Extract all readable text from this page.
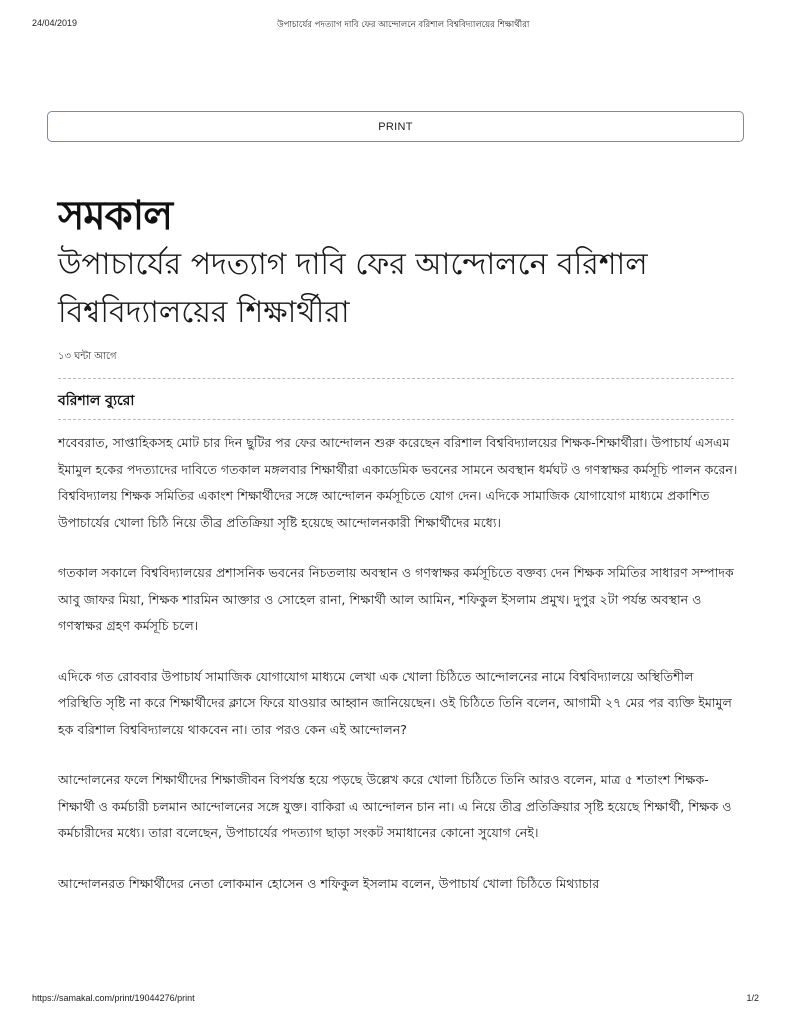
24/04/2019	উপাচার্যের পদত্যাগ দাবি ফের আন্দোলনে বরিশাল বিশ্ববিদ্যালয়ের শিক্ষার্থীরা
PRINT
সমকাল
উপাচার্যের পদত্যাগ দাবি ফের আন্দোলনে বরিশাল
বিশ্ববিদ্যালয়ের শিক্ষার্থীরা
১৩ ঘন্টা আগে
বরিশাল ব্যুরো

শবেবরাত, সাপ্তাহিকসহ মোট চার দিন ছুটির পর ফের আন্দোলন শুরু করেছেন বরিশাল বিশ্ববিদ্যালয়ের শিক্ষক-শিক্ষার্থীরা। উপাচার্য এসএম ইমামুল হকের পদত্যাদের দাবিতে গতকাল মঙ্গলবার শিক্ষার্থীরা একাডেমিক ভবনের সামনে অবস্থান ধর্মঘট ও গণস্বাক্ষর কর্মসূচি পালন করেন। বিশ্ববিদ্যালয় শিক্ষক সমিতির একাংশ শিক্ষার্থীদের সঙ্গে আন্দোলন কর্মসূচিতে যোগ দেন। এদিকে সামাজিক যোগাযোগ মাধ্যমে প্রকাশিত উপাচার্যের খোলা চিঠি নিয়ে তীব্র প্রতিক্রিয়া সৃষ্টি হয়েছে আন্দোলনকারী শিক্ষার্থীদের মধ্যে।

গতকাল সকালে বিশ্ববিদ্যালয়ের প্রশাসনিক ভবনের নিচতলায় অবস্থান ও গণস্বাক্ষর কর্মসূচিতে বক্তব্য দেন শিক্ষক সমিতির সাধারণ সম্পাদক আবু জাফর মিয়া, শিক্ষক শারমিন আক্তার ও সোহেল রানা, শিক্ষার্থী আল আমিন, শফিকুল ইসলাম প্রমুখ। দুপুর ২টা পর্যন্ত অবস্থান ও গণস্বাক্ষর গ্রহণ কর্মসূচি চলে।

এদিকে গত রোববার উপাচার্য সামাজিক যোগাযোগ মাধ্যমে লেখা এক খোলা চিঠিতে আন্দোলনের নামে বিশ্ববিদ্যালয়ে অস্থিতিশীল পরিস্থিতি সৃষ্টি না করে শিক্ষার্থীদের ক্লাসে ফিরে যাওয়ার আহ্বান জানিয়েছেন। ওই চিঠিতে তিনি বলেন, আগামী ২৭ মের পর ব্যক্তি ইমামুল হক বরিশাল বিশ্ববিদ্যালয়ে থাকবেন না। তার পরও কেন এই আন্দোলন?

আন্দোলনের ফলে শিক্ষার্থীদের শিক্ষাজীবন বিপর্যস্ত হয়ে পড়ছে উল্লেখ করে খোলা চিঠিতে তিনি আরও বলেন, মাত্র ৫ শতাংশ শিক্ষক-শিক্ষার্থী ও কর্মচারী চলমান আন্দোলনের সঙ্গে যুক্ত। বাকিরা এ আন্দোলন চান না। এ নিয়ে তীব্র প্রতিক্রিয়ার সৃষ্টি হয়েছে শিক্ষার্থী, শিক্ষক ও কর্মচারীদের মধ্যে। তারা বলেছেন, উপাচার্যের পদত্যাগ ছাড়া সংকট সমাধানের কোনো সুযোগ নেই।

আন্দোলনরত শিক্ষার্থীদের নেতা লোকমান হোসেন ও শফিকুল ইসলাম বলেন, উপাচার্য খোলা চিঠিতে মিথ্যাচার

https://samakal.com/print/19044276/print	1/2
